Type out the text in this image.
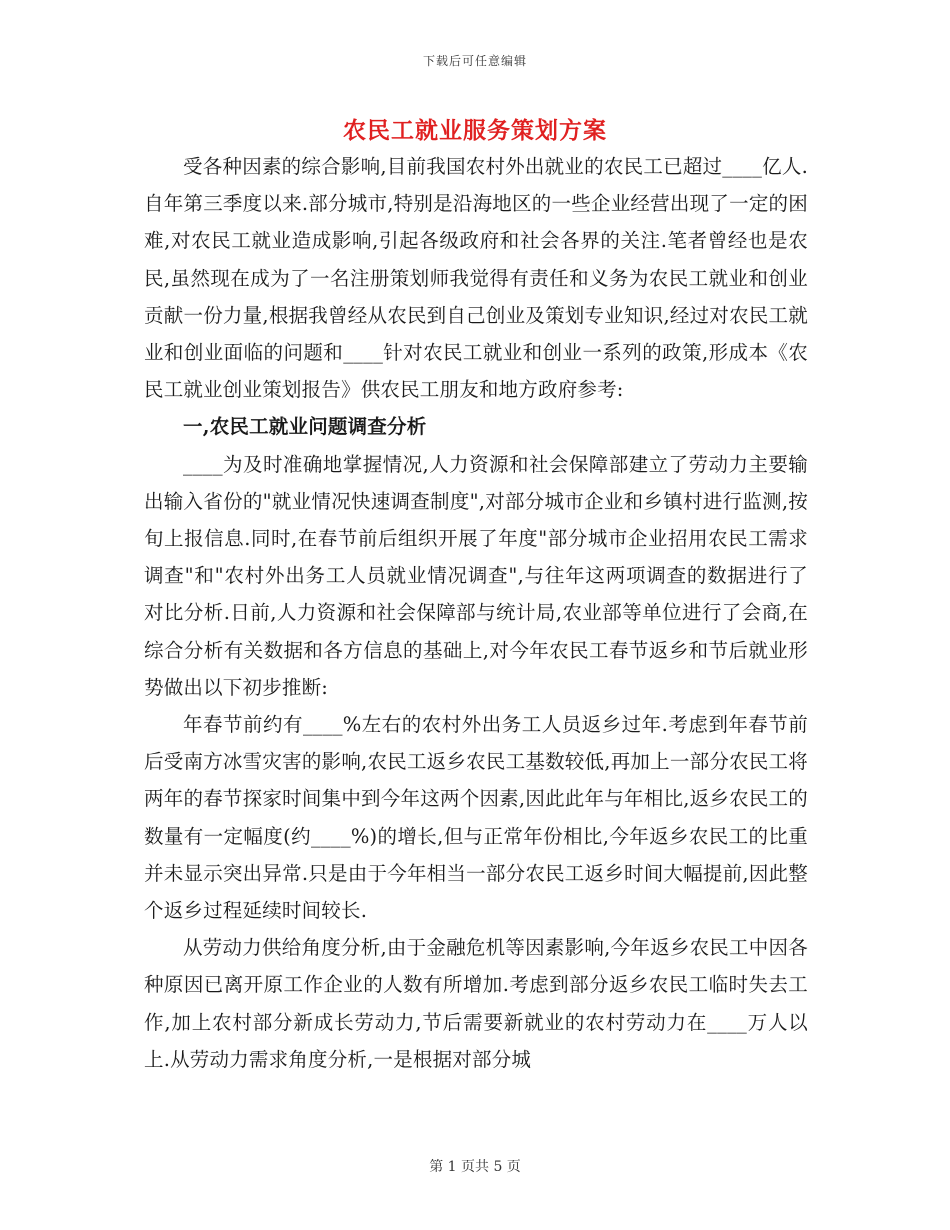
下载后可任意编辑
农民工就业服务策划方案

受各种因素的综合影响,目前我国农村外出就业的农民工已超过____亿人.自年第三季度以来.部分城市,特别是沿海地区的一些企业经营出现了一定的困难,对农民工就业造成影响,引起各级政府和社会各界的关注.笔者曾经也是农民,虽然现在成为了一名注册策划师我觉得有责任和义务为农民工就业和创业贡献一份力量,根据我曾经从农民到自己创业及策划专业知识,经过对农民工就业和创业面临的问题和____针对农民工就业和创业一系列的政策,形成本《农民工就业创业策划报告》供农民工朋友和地方政府参考:

一,农民工就业问题调查分析

____为及时准确地掌握情况,人力资源和社会保障部建立了劳动力主要输出输入省份的"就业情况快速调查制度",对部分城市企业和乡镇村进行监测,按旬上报信息.同时,在春节前后组织开展了年度"部分城市企业招用农民工需求调查"和"农村外出务工人员就业情况调查",与往年这两项调查的数据进行了对比分析.日前,人力资源和社会保障部与统计局,农业部等单位进行了会商,在综合分析有关数据和各方信息的基础上,对今年农民工春节返乡和节后就业形势做出以下初步推断:

年春节前约有____%左右的农村外出务工人员返乡过年.考虑到年春节前后受南方冰雪灾害的影响,农民工返乡农民工基数较低,再加上一部分农民工将两年的春节探家时间集中到今年这两个因素,因此此年与年相比,返乡农民工的数量有一定幅度(约____%)的增长,但与正常年份相比,今年返乡农民工的比重并未显示突出异常.只是由于今年相当一部分农民工返乡时间大幅提前,因此整个返乡过程延续时间较长.

从劳动力供给角度分析,由于金融危机等因素影响,今年返乡农民工中因各种原因已离开原工作企业的人数有所增加.考虑到部分返乡农民工临时失去工作,加上农村部分新成长劳动力,节后需要新就业的农村劳动力在____万人以上.从劳动力需求角度分析,一是根据对部分城

第 1 页共 5 页
